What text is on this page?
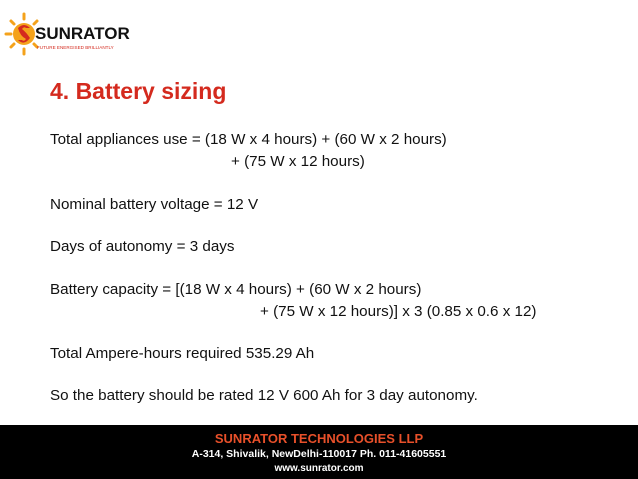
SUNRATOR
FUTURE ENERGISED BRILLIANTLY
4. Battery sizing
Total appliances use = (18 W x 4 hours) + (60 W x 2 hours)
+ (75 W x 12 hours)
Nominal battery voltage = 12 V
Days of autonomy = 3 days
Battery capacity = [(18 W x 4 hours) + (60 W x 2 hours)
+ (75 W x 12 hours)] x 3 (0.85 x 0.6 x 12)
Total Ampere-hours required 535.29 Ah
So the battery should be rated 12 V 600 Ah for 3 day autonomy.
SUNRATOR TECHNOLOGIES LLP
A-314, Shivalik, NewDelhi-110017 Ph. 011-41605551
www.sunrator.com
